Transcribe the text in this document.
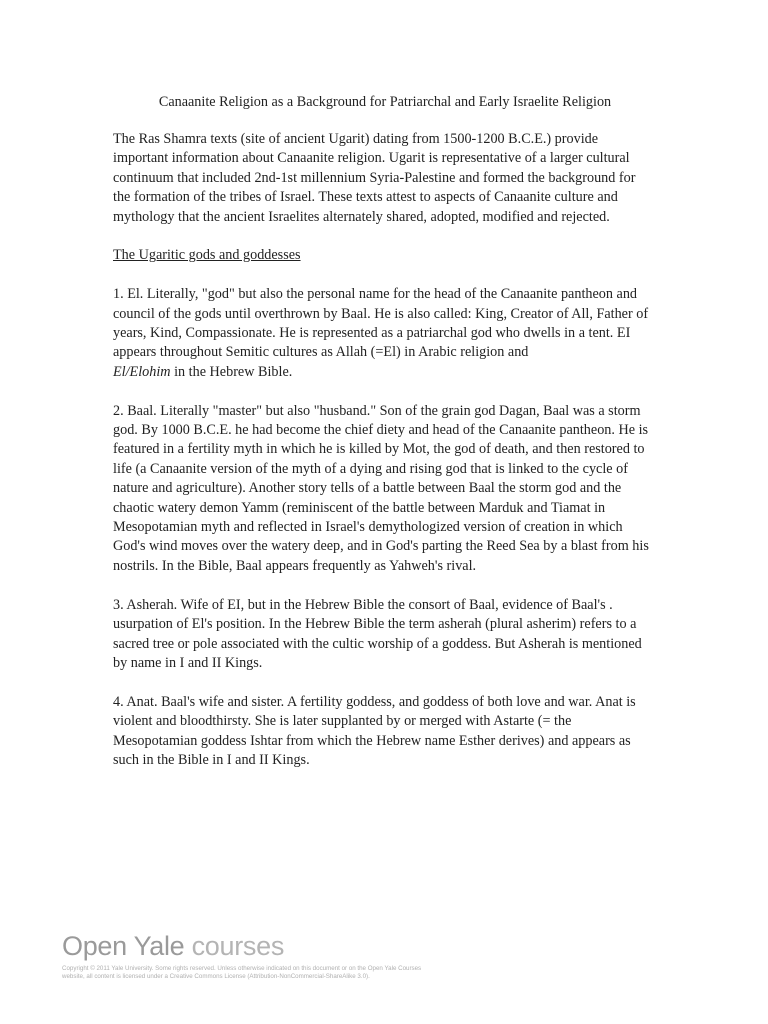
Canaanite Religion as a Background for Patriarchal and Early Israelite Religion

The Ras Shamra texts (site of ancient Ugarit) dating from 1500-1200 B.C.E.) provide important information about Canaanite religion. Ugarit is representative of a larger cultural continuum that included 2nd-1st millennium Syria-Palestine and formed the background for the formation of the tribes of Israel. These texts attest to aspects of Canaanite culture and mythology that the ancient Israelites alternately shared, adopted, modified and rejected.

The Ugaritic gods and goddesses

1. El. Literally, "god" but also the personal name for the head of the Canaanite pantheon and council of the gods until overthrown by Baal. He is also called: King, Creator of All, Father of years, Kind, Compassionate. He is represented as a patriarchal god who dwells in a tent. EI appears throughout Semitic cultures as Allah (=El) in Arabic religion and
El/Elohim in the Hebrew Bible.

2. Baal. Literally "master" but also "husband." Son of the grain god Dagan, Baal was a storm god. By 1000 B.C.E. he had become the chief diety and head of the Canaanite pantheon. He is featured in a fertility myth in which he is killed by Mot, the god of death, and then restored to life (a Canaanite version of the myth of a dying and rising god that is linked to the cycle of nature and agriculture). Another story tells of a battle between Baal the storm god and the chaotic watery demon Yamm (reminiscent of the battle between Marduk and Tiamat in Mesopotamian myth and reflected in Israel's demythologized version of creation in which God's wind moves over the watery deep, and in God's parting the Reed Sea by a blast from his nostrils. In the Bible, Baal appears frequently as Yahweh's rival.

3. Asherah. Wife of EI, but in the Hebrew Bible the consort of Baal, evidence of Baal's . usurpation of El's position. In the Hebrew Bible the term asherah (plural asherim) refers to a sacred tree or pole associated with the cultic worship of a goddess. But Asherah is mentioned by name in I and II Kings.

4. Anat. Baal's wife and sister. A fertility goddess, and goddess of both love and war. Anat is violent and bloodthirsty. She is later supplanted by or merged with Astarte (= the Mesopotamian goddess Ishtar from which the Hebrew name Esther derives) and appears as such in the Bible in I and II Kings.

Open Yale courses
Copyright © 2011 Yale University. Some rights reserved. Unless otherwise indicated on this document or on the Open Yale Courses website, all content is licensed under a Creative Commons License (Attribution-NonCommercial-ShareAlike 3.0).
